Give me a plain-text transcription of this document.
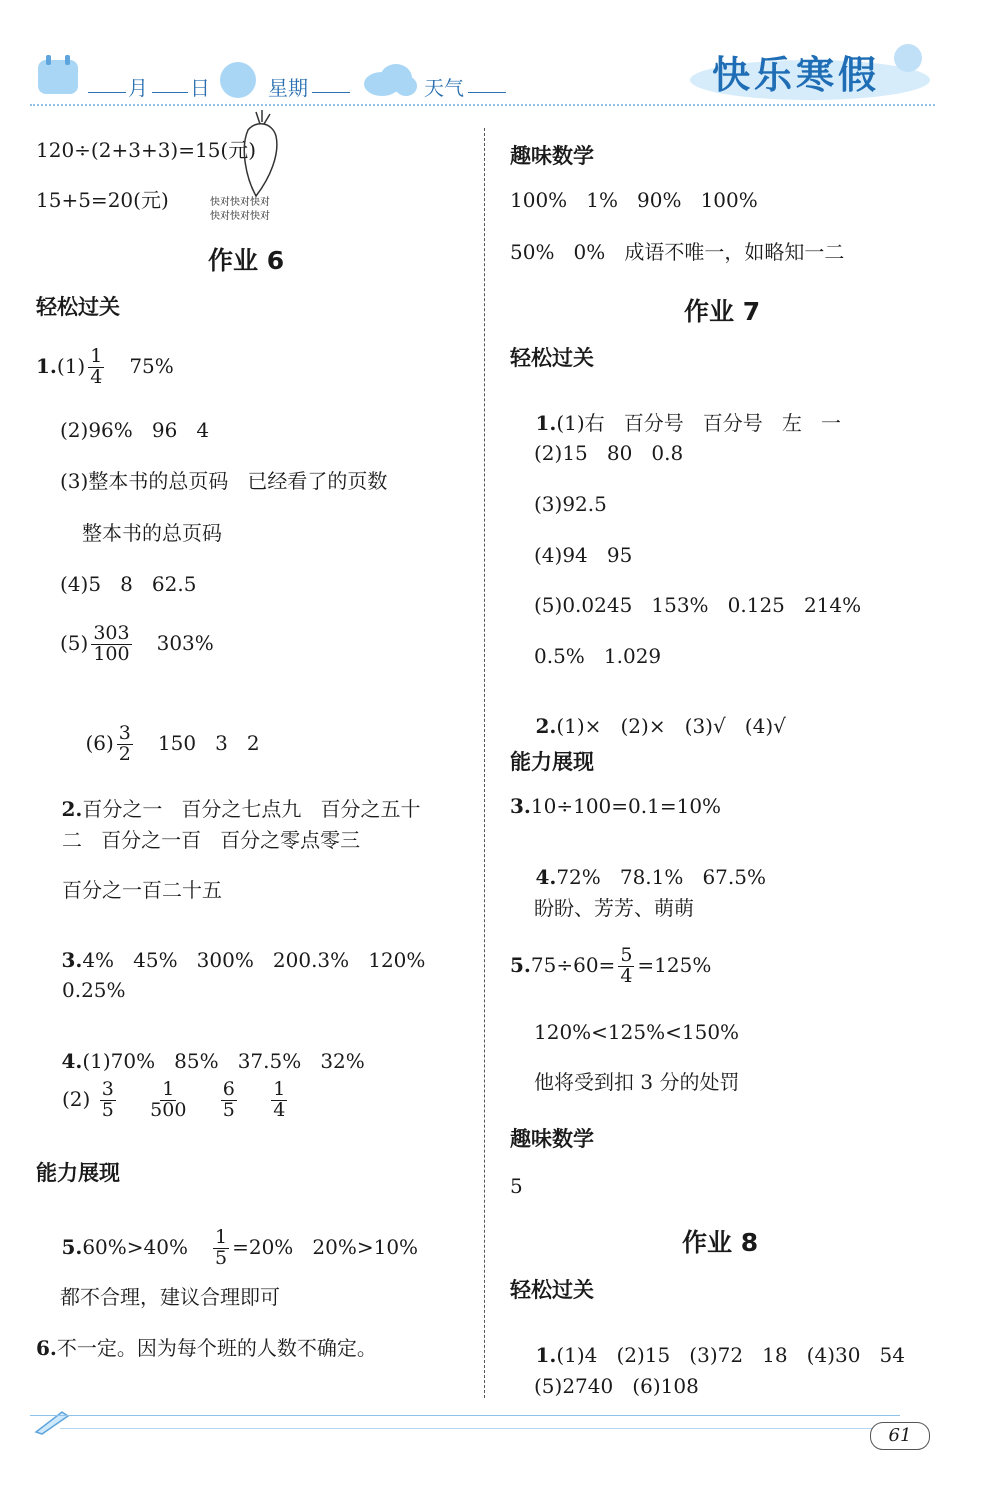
月 日	星期	天气	快乐寒假
120÷(2+3+3)=15(元)
15+5=20(元)	快对快对快对
快对快对快对
作业 6
轻松过关
$1.(1) \frac{1}{4} 75\%$
(2)96%   96   4
(3)整本书的总页码   已经看了的页数
整本书的总页码
(4)5   8   62.5
$(5) \frac{303}{100} 303\%$

$(6) \frac{3}{2} 150$   3   2

2.百分之一   百分之七点九   百分之五十

二   百分之一百   百分之零点零三
百分之一百二十五

3.4%   45%   300%   200.3%   120%

0.25%

4.(1)70%   85%   37.5%   32%

$(2) \frac{3}{5}$
$\frac{1}{500}$
$\frac{6}{5}$
$\frac{1}{4}$
能力展现

$5.60\%>40\% \frac{1}{5} =20\%$   20%>10%

都不合理，建议合理即可
6.不一定。因为每个班的人数不确定。
趣味数学
100%   1%   90%   100%
50%   0%   成语不唯一，如略知一二
作业 7
轻松过关

1.(1)右   百分号   百分号   左   一

(2)15   80   0.8
(3)92.5
(4)94   95
(5)0.0245   153%   0.125   214%
0.5%   1.029

2.(1)×   (2)×   (3)√   (4)√

能力展现
3.10÷100=0.1=10%

4.72%   78.1%   67.5%

盼盼、芳芳、萌萌
$5.75\div 60= \frac{5}{4} =125\%$
120%<125%<150%
他将受到扣 3 分的处罚
趣味数学
5
作业 8
轻松过关

1.(1)4   (2)15   (3)72   18   (4)30   54

(5)2740   (6)108
61
